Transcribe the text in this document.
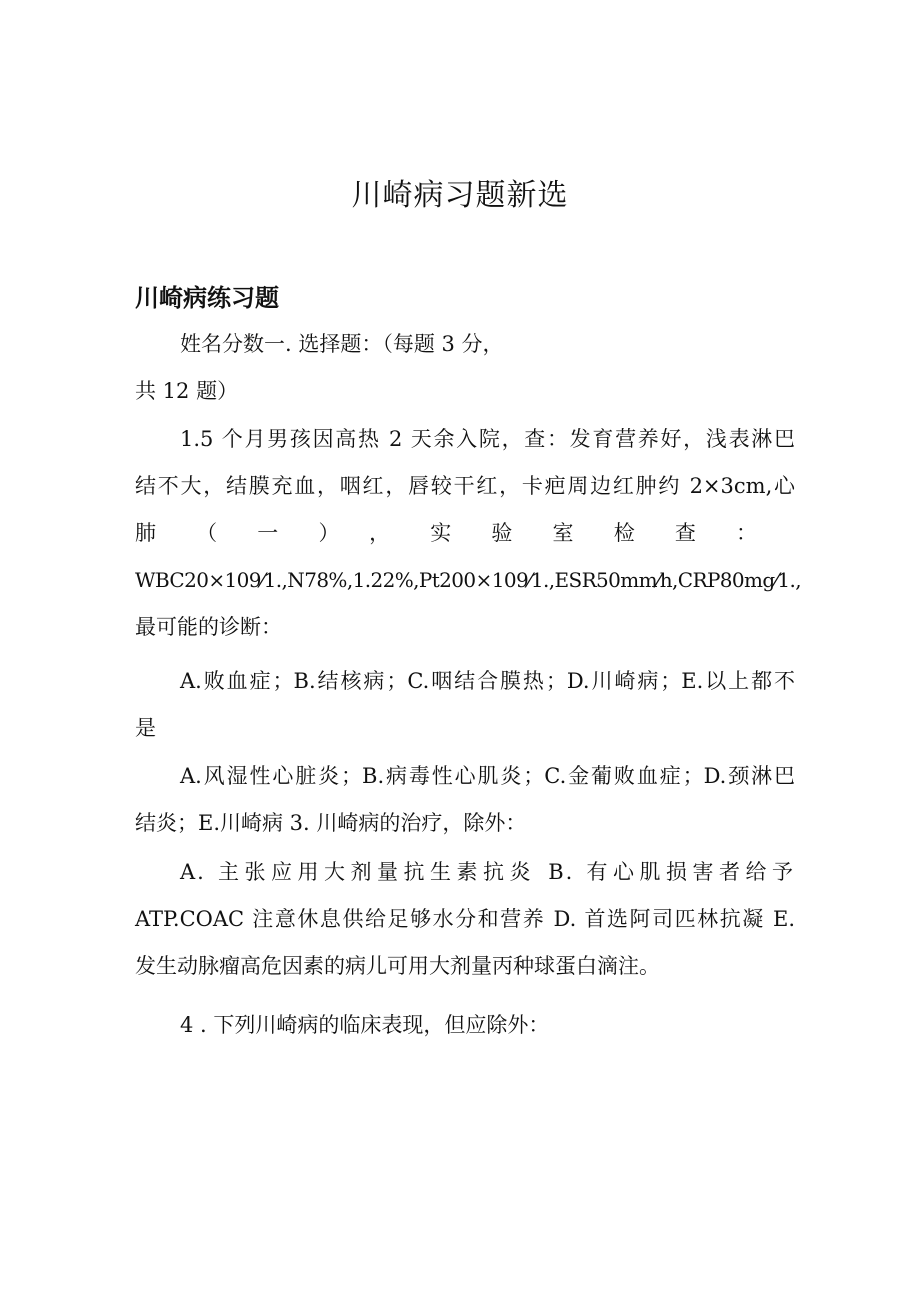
川崎病习题新选
川崎病练习题

姓名分数一. 选择题：（每题 3 分，
共 12 题）

1.5 个月男孩因高热 2 天余入院，查：发育营养好，浅表淋巴
结不大，结膜充血，咽红，唇较干红，卡疤周边红肿约 2×3cm,心
肺（一），实验室检查：
WBC20×109⁄1.,N78%,1.22%,Pt200×109⁄1.,ESR50mm⁄h,CRP80mg⁄1.,
最可能的诊断：

A.败血症；B.结核病；C.咽结合膜热；D.川崎病；E.以上都不
是

A.风湿性心脏炎；B.病毒性心肌炎；C.金葡败血症；D.颈淋巴
结炎；E.川崎病 3. 川崎病的治疗，除外：

A. 主张应用大剂量抗生素抗炎 B. 有心肌损害者给予
ATP.COAC 注意休息供给足够水分和营养 D. 首选阿司匹林抗凝 E.
发生动脉瘤高危因素的病儿可用大剂量丙种球蛋白滴注。

4 . 下列川崎病的临床表现，但应除外：
